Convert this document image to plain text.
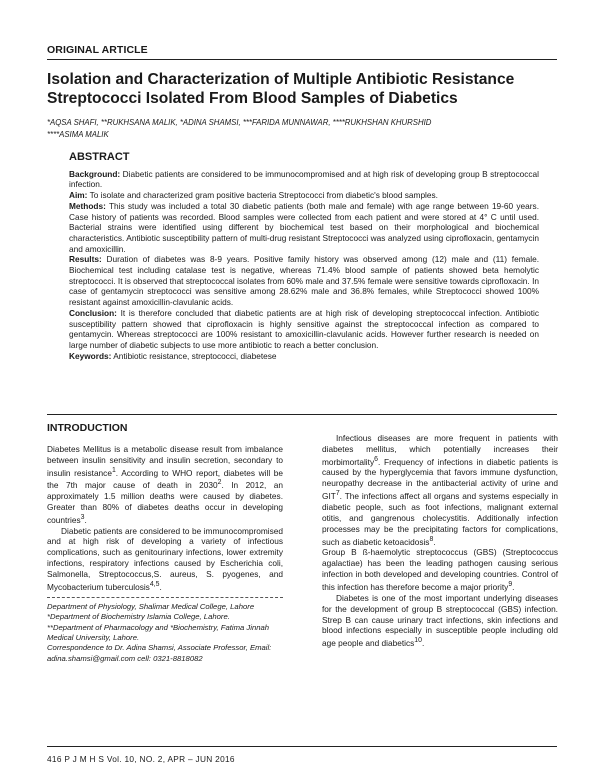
ORIGINAL ARTICLE
Isolation and Characterization of Multiple Antibiotic Resistance Streptococci Isolated From Blood Samples of Diabetics
*AQSA SHAFI, **RUKHSANA MALIK, *ADINA SHAMSI, ***FARIDA MUNNAWAR, ****RUKHSHAN KHURSHID
****ASIMA MALIK
ABSTRACT

Background: Diabetic patients are considered to be immunocompromised and at high risk of developing group B streptococcal infection.

Aim: To isolate and characterized gram positive bacteria Streptococci from diabetic's blood samples.

Methods: This study was included a total 30 diabetic patients (both male and female) with age range between 19-60 years. Case history of patients was recorded. Blood samples were collected from each patient and were stored at 4° C until used. Bacterial strains were identified using different by biochemical test based on their morphological and biochemical characteristics. Antibiotic susceptibility pattern of multi-drug resistant Streptococci was analyzed using ciprofloxacin, gentamycin and amoxicillin.

Results: Duration of diabetes was 8-9 years. Positive family history was observed among (12) male and (11) female. Biochemical test including catalase test is negative, whereas 71.4% blood sample of patients showed beta hemolytic streptococci. It is observed that streptococcal isolates from 60% male and 37.5% female were sensitive towards ciprofloxacin. In case of gentamycin streptococci was sensitive among 28.62% male and 36.8% females, while Streptococci showed 100% resistant against amoxicillin-clavulanic acids.

Conclusion: It is therefore concluded that diabetic patients are at high risk of developing streptococcal infection. Antibiotic susceptibility pattern showed that ciprofloxacin is highly sensitive against the streptococcal infection as compared to gentamycin. Whereas streptococci are 100% resistant to amoxicillin-clavulanic acids. However further research is needed on large number of diabetic subjects to use more antibiotic to reach a better conclusion.

Keywords: Antibiotic resistance, streptococci, diabetese

INTRODUCTION

Diabetes Mellitus is a metabolic disease result from imbalance between insulin sensitivity and insulin secretion, secondary to insulin resistance$^1$. According to WHO report, diabetes will be the 7th major cause of death in 2030$^2$. In 2012, an approximately 1.5 million deaths were caused by diabetes. Greater than 80% of diabetes deaths occur in developing countries$^3$.

Diabetic patients are considered to be immunocompromised and at high risk of developing a variety of infectious complications, such as genitourinary infections, lower extremity infections, respiratory infections caused by Escherichia coli, Salmonella, Streptococcus,S. aureus, S. pyogenes, and Mycobacterium tuberculosis$^{4,5}$.

Department of Physiology, Shalimar Medical College, Lahore

*Department of Biochemistry Islamia College, Lahore.

**Department of Pharmacology and *Biochemistry, Fatima Jinnah Medical University, Lahore.

Correspondence to Dr. Adina Shamsi, Associate Professor, Email: adina.shamsi@gmail.com cell: 0321-8818082

Infectious diseases are more frequent in patients with diabetes mellitus, which potentially increases their morbimortality$^6$. Frequency of infections in diabetic patients is caused by the hyperglycemia that favors immune dysfunction, neuropathy decrease in the antibacterial activity of urine and GIT$^7$. The infections affect all organs and systems especially in diabetic people, such as foot infections, malignant external otitis, and gangrenous cholecystitis. Additionally infection processes may be the precipitating factors for complications, such as diabetic ketoacidosis$^8$.

Group B ß-haemolytic streptococcus (GBS) (Streptococcus agalactiae) has been the leading pathogen causing serious infection in both developed and developing countries. Control of this infection has therefore become a major priority$^9$.

Diabetes is one of the most important underlying diseases for the development of group B streptococcal (GBS) infection. Strep B can cause urinary tract infections, skin infections and blood infections especially in susceptible people including old age people and diabetics$^{10}$.

416 P J M H S Vol. 10, NO. 2, APR – JUN 2016
